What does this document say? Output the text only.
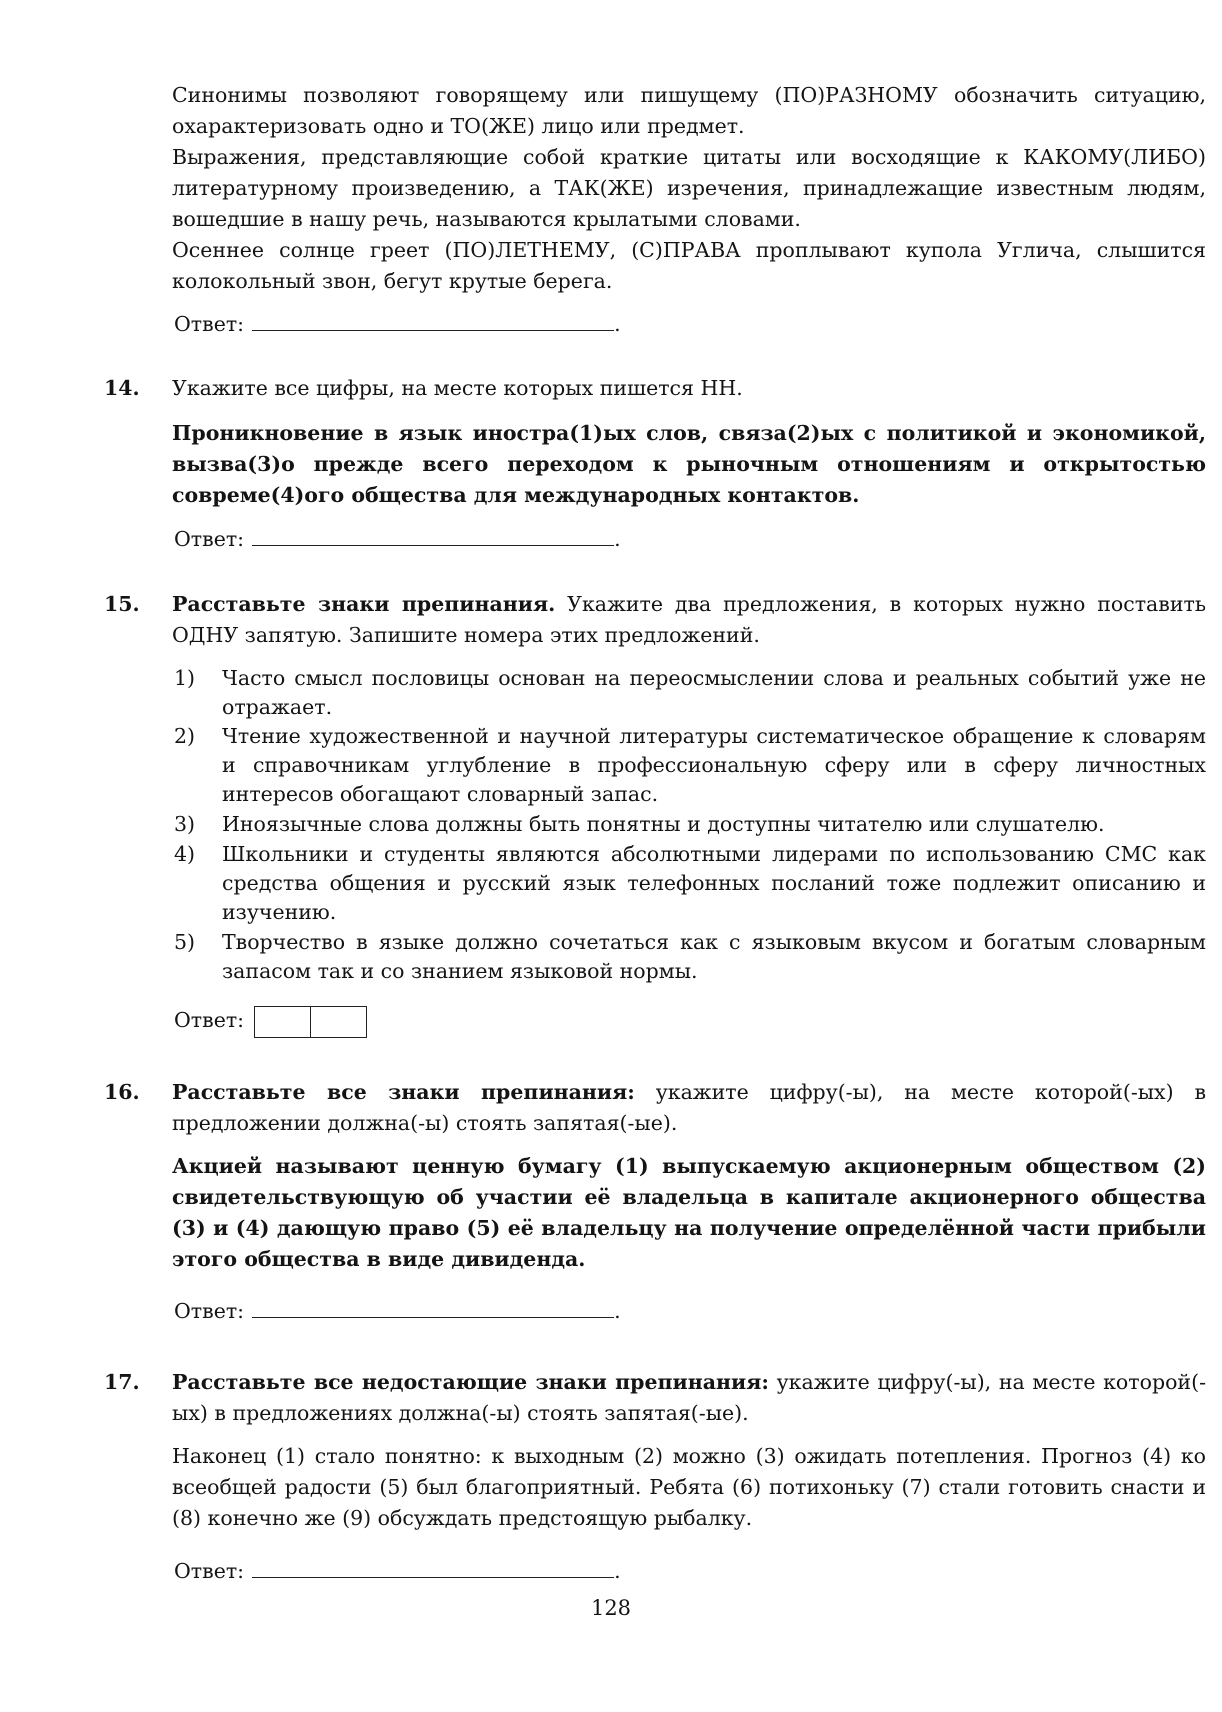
Синонимы позволяют говорящему или пишущему (ПО)РАЗНОМУ обозначить ситуацию, охарактеризовать одно и ТО(ЖЕ) лицо или предмет.
Выражения, представляющие собой краткие цитаты или восходящие к КАКОМУ(ЛИБО) литературному произведению, а ТАК(ЖЕ) изречения, принадлежащие известным людям, вошедшие в нашу речь, называются крылатыми словами.
Осеннее солнце греет (ПО)ЛЕТНЕМУ, (С)ПРАВА проплывают купола Углича, слышится колокольный звон, бегут крутые берега.
Ответ:	.
14. Укажите все цифры, на месте которых пишется НН.
Проникновение в язык иностра(1)ых слов, связа(2)ых с политикой и экономикой, вызва(3)о прежде всего переходом к рыночным отношениям и открытостью совреме(4)ого общества для международных контактов.
Ответ:	.
15. Расставьте знаки препинания. Укажите два предложения, в которых нужно поставить ОДНУ запятую. Запишите номера этих предложений.
1) Часто смысл пословицы основан на переосмыслении слова и реальных событий уже не отражает.
2) Чтение художественной и научной литературы систематическое обращение к словарям и справочникам углубление в профессиональную сферу или в сферу личностных интересов обогащают словарный запас.
3) Иноязычные слова должны быть понятны и доступны читателю или слушателю.
4) Школьники и студенты являются абсолютными лидерами по использованию СМС как средства общения и русский язык телефонных посланий тоже подлежит описанию и изучению.
5) Творчество в языке должно сочетаться как с языковым вкусом и богатым словарным запасом так и со знанием языковой нормы.
Ответ:
16. Расставьте все знаки препинания: укажите цифру(-ы), на месте которой(-ых) в предложении должна(-ы) стоять запятая(-ые).
Акцией называют ценную бумагу (1) выпускаемую акционерным обществом (2) свидетельствующую об участии её владельца в капитале акционерного общества (3) и (4) дающую право (5) её владельцу на получение определённой части прибыли этого общества в виде дивиденда.
Ответ:	.
17. Расставьте все недостающие знаки препинания: укажите цифру(-ы), на месте которой(-ых) в предложениях должна(-ы) стоять запятая(-ые).
Наконец (1) стало понятно: к выходным (2) можно (3) ожидать потепления. Прогноз (4) ко всеобщей радости (5) был благоприятный. Ребята (6) потихоньку (7) стали готовить снасти и (8) конечно же (9) обсуждать предстоящую рыбалку.
Ответ:	.
128
